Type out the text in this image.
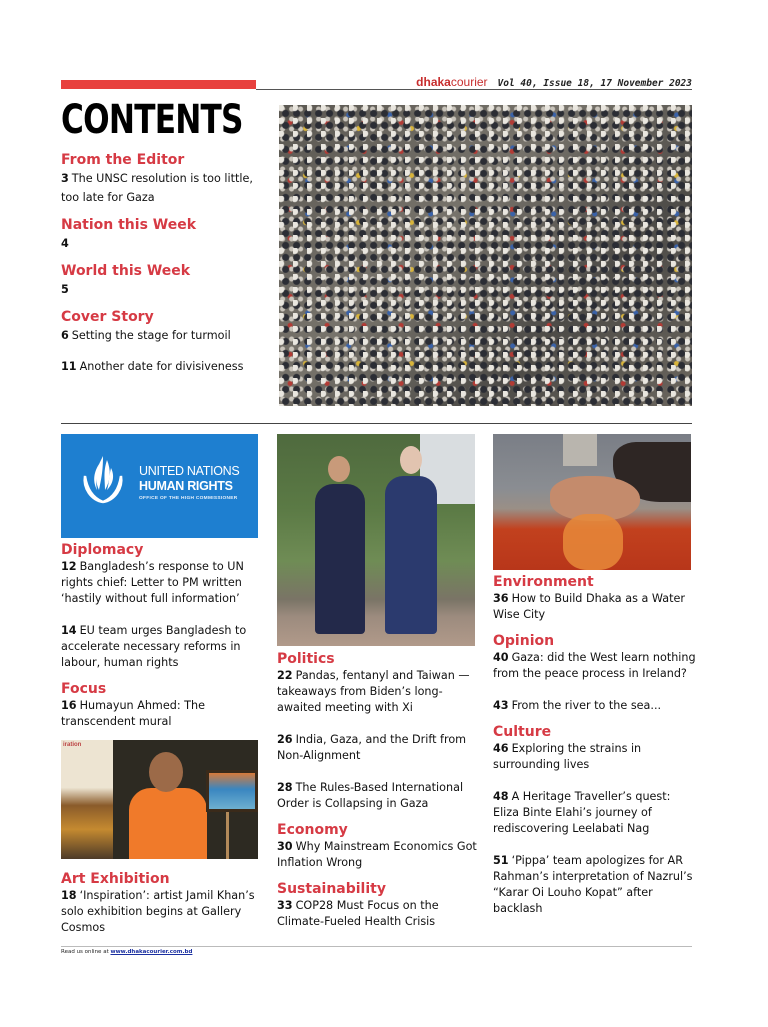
dhakacourier Vol 40, Issue 18, 17 November 2023
CONTENTS

From the Editor

3 The UNSC resolution is too little, too late for Gaza

Nation this Week

4

World this Week

5

Cover Story

6 Setting the stage for turmoil

11 Another date for divisiveness

UNITED NATIONS
HUMAN RIGHTS
OFFICE OF THE HIGH COMMISSIONER
iration

Diplomacy

12 Bangladesh’s response to UN rights chief: Letter to PM written ‘hastily without full information’

14 EU team urges Bangladesh to accelerate necessary reforms in labour, human rights

Focus

16 Humayun Ahmed: The transcendent mural

Art Exhibition

18 ‘Inspiration’: artist Jamil Khan’s solo exhibition begins at Gallery Cosmos

Politics

22 Pandas, fentanyl and Taiwan — takeaways from Biden’s long-awaited meeting with Xi

26 India, Gaza, and the Drift from Non-Alignment

28 The Rules-Based International Order is Collapsing in Gaza

Economy

30 Why Mainstream Economics Got Inflation Wrong

Sustainability

33 COP28 Must Focus on the Climate-Fueled Health Crisis

Environment

36 How to Build Dhaka as a Water Wise City

Opinion

40 Gaza: did the West learn nothing from the peace process in Ireland?

43 From the river to the sea...

Culture

46 Exploring the strains in surrounding lives

48 A Heritage Traveller’s quest: Eliza Binte Elahi’s journey of rediscovering Leelabati Nag

51 ‘Pippa’ team apologizes for AR Rahman’s interpretation of Nazrul’s “Karar Oi Louho Kopat” after backlash

Read us online at www.dhakacourier.com.bd
